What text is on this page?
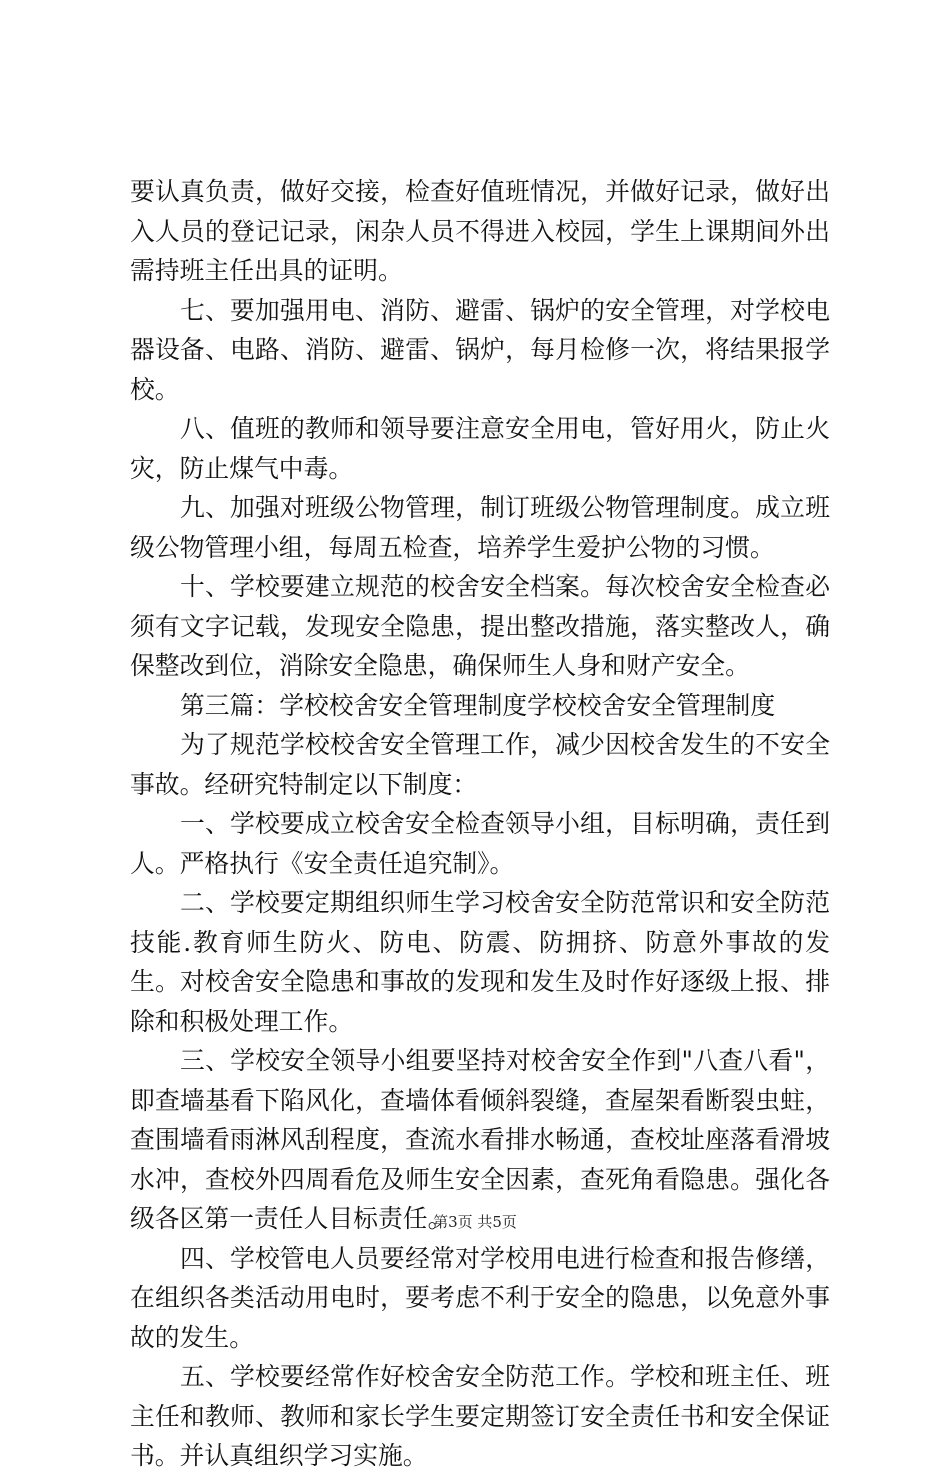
要认真负责，做好交接，检查好值班情况，并做好记录，做好出入人员的登记记录，闲杂人员不得进入校园，学生上课期间外出需持班主任出具的证明。

七、要加强用电、消防、避雷、锅炉的安全管理，对学校电器设备、电路、消防、避雷、锅炉，每月检修一次，将结果报学校。

八、值班的教师和领导要注意安全用电，管好用火，防止火灾，防止煤气中毒。

九、加强对班级公物管理，制订班级公物管理制度。成立班级公物管理小组，每周五检查，培养学生爱护公物的习惯。

十、学校要建立规范的校舍安全档案。每次校舍安全检查必须有文字记载，发现安全隐患，提出整改措施，落实整改人，确保整改到位，消除安全隐患，确保师生人身和财产安全。

第三篇：学校校舍安全管理制度学校校舍安全管理制度

为了规范学校校舍安全管理工作，减少因校舍发生的不安全事故。经研究特制定以下制度：

一、学校要成立校舍安全检查领导小组，目标明确，责任到人。严格执行《安全责任追究制》。

二、学校要定期组织师生学习校舍安全防范常识和安全防范技能.教育师生防火、防电、防震、防拥挤、防意外事故的发生。对校舍安全隐患和事故的发现和发生及时作好逐级上报、排除和积极处理工作。

三、学校安全领导小组要坚持对校舍安全作到"八查八看"，即查墙基看下陷风化，查墙体看倾斜裂缝，查屋架看断裂虫蛀，查围墙看雨淋风刮程度，查流水看排水畅通，查校址座落看滑坡水冲，查校外四周看危及师生安全因素，查死角看隐患。强化各级各区第一责任人目标责任。

四、学校管电人员要经常对学校用电进行检查和报告修缮，在组织各类活动用电时，要考虑不利于安全的隐患，以免意外事故的发生。

五、学校要经常作好校舍安全防范工作。学校和班主任、班主任和教师、教师和家长学生要定期签订安全责任书和安全保证书。并认真组织学习实施。

第3页 共5页
